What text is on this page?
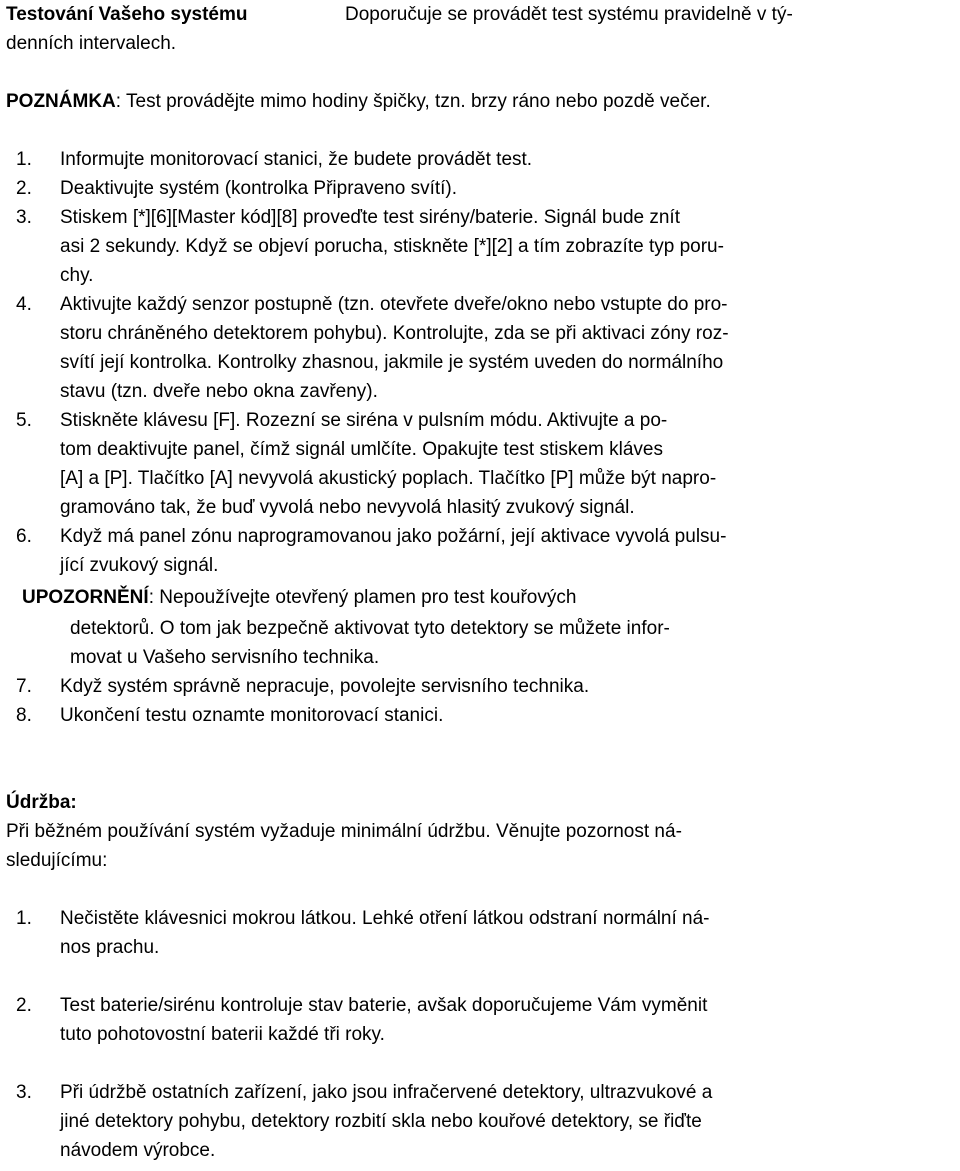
Testování Vašeho systému	Doporučuje se provádět test systému pravidelně v tý-
denních intervalech.
POZNÁMKA: Test provádějte mimo hodiny špičky, tzn. brzy ráno nebo pozdě večer.
1. Informujte monitorovací stanici, že budete provádět test.
2. Deaktivujte systém (kontrolka Připraveno svítí).
3. Stiskem [*][6][Master kód][8] proveďte test sirény/baterie. Signál bude znít
asi 2 sekundy. Když se objeví porucha, stiskněte [*][2] a tím zobrazíte typ poru-
chy.
4. Aktivujte každý senzor postupně (tzn. otevřete dveře/okno nebo vstupte do pro-
storu chráněného detektorem pohybu). Kontrolujte, zda se při aktivaci zóny roz-
svítí její kontrolka. Kontrolky zhasnou, jakmile je systém uveden do normálního
stavu (tzn. dveře nebo okna zavřeny).
5. Stiskněte klávesu [F]. Rozezní se siréna v pulsním módu. Aktivujte a po-
tom deaktivujte panel, čímž signál umlčíte. Opakujte test stiskem kláves
[A] a [P]. Tlačítko [A] nevyvolá akustický poplach. Tlačítko [P] může být napro-
gramováno tak, že buď vyvolá nebo nevyvolá hlasitý zvukový signál.
6. Když má panel zónu naprogramovanou jako požární, její aktivace vyvolá pulsu-
jící zvukový signál.
UPOZORNĚNÍ: Nepoužívejte otevřený plamen pro test kouřových
detektorů. O tom jak bezpečně aktivovat tyto detektory se můžete infor-
movat u Vašeho servisního technika.
7. Když systém správně nepracuje, povolejte servisního technika.
8. Ukončení testu oznamte monitorovací stanici.
Údržba:
Při běžném používání systém vyžaduje minimální údržbu. Věnujte pozornost ná-
sledujícímu:
1. Nečistěte klávesnici mokrou látkou. Lehké otření látkou odstraní normální ná-
nos prachu.
2. Test baterie/sirénu kontroluje stav baterie, avšak doporučujeme Vám vyměnit
tuto pohotovostní baterii každé tři roky.
3. Při údržbě ostatních zařízení, jako jsou infračervené detektory, ultrazvukové a
jiné detektory pohybu, detektory rozbití skla nebo kouřové detektory, se řiďte
návodem výrobce.
